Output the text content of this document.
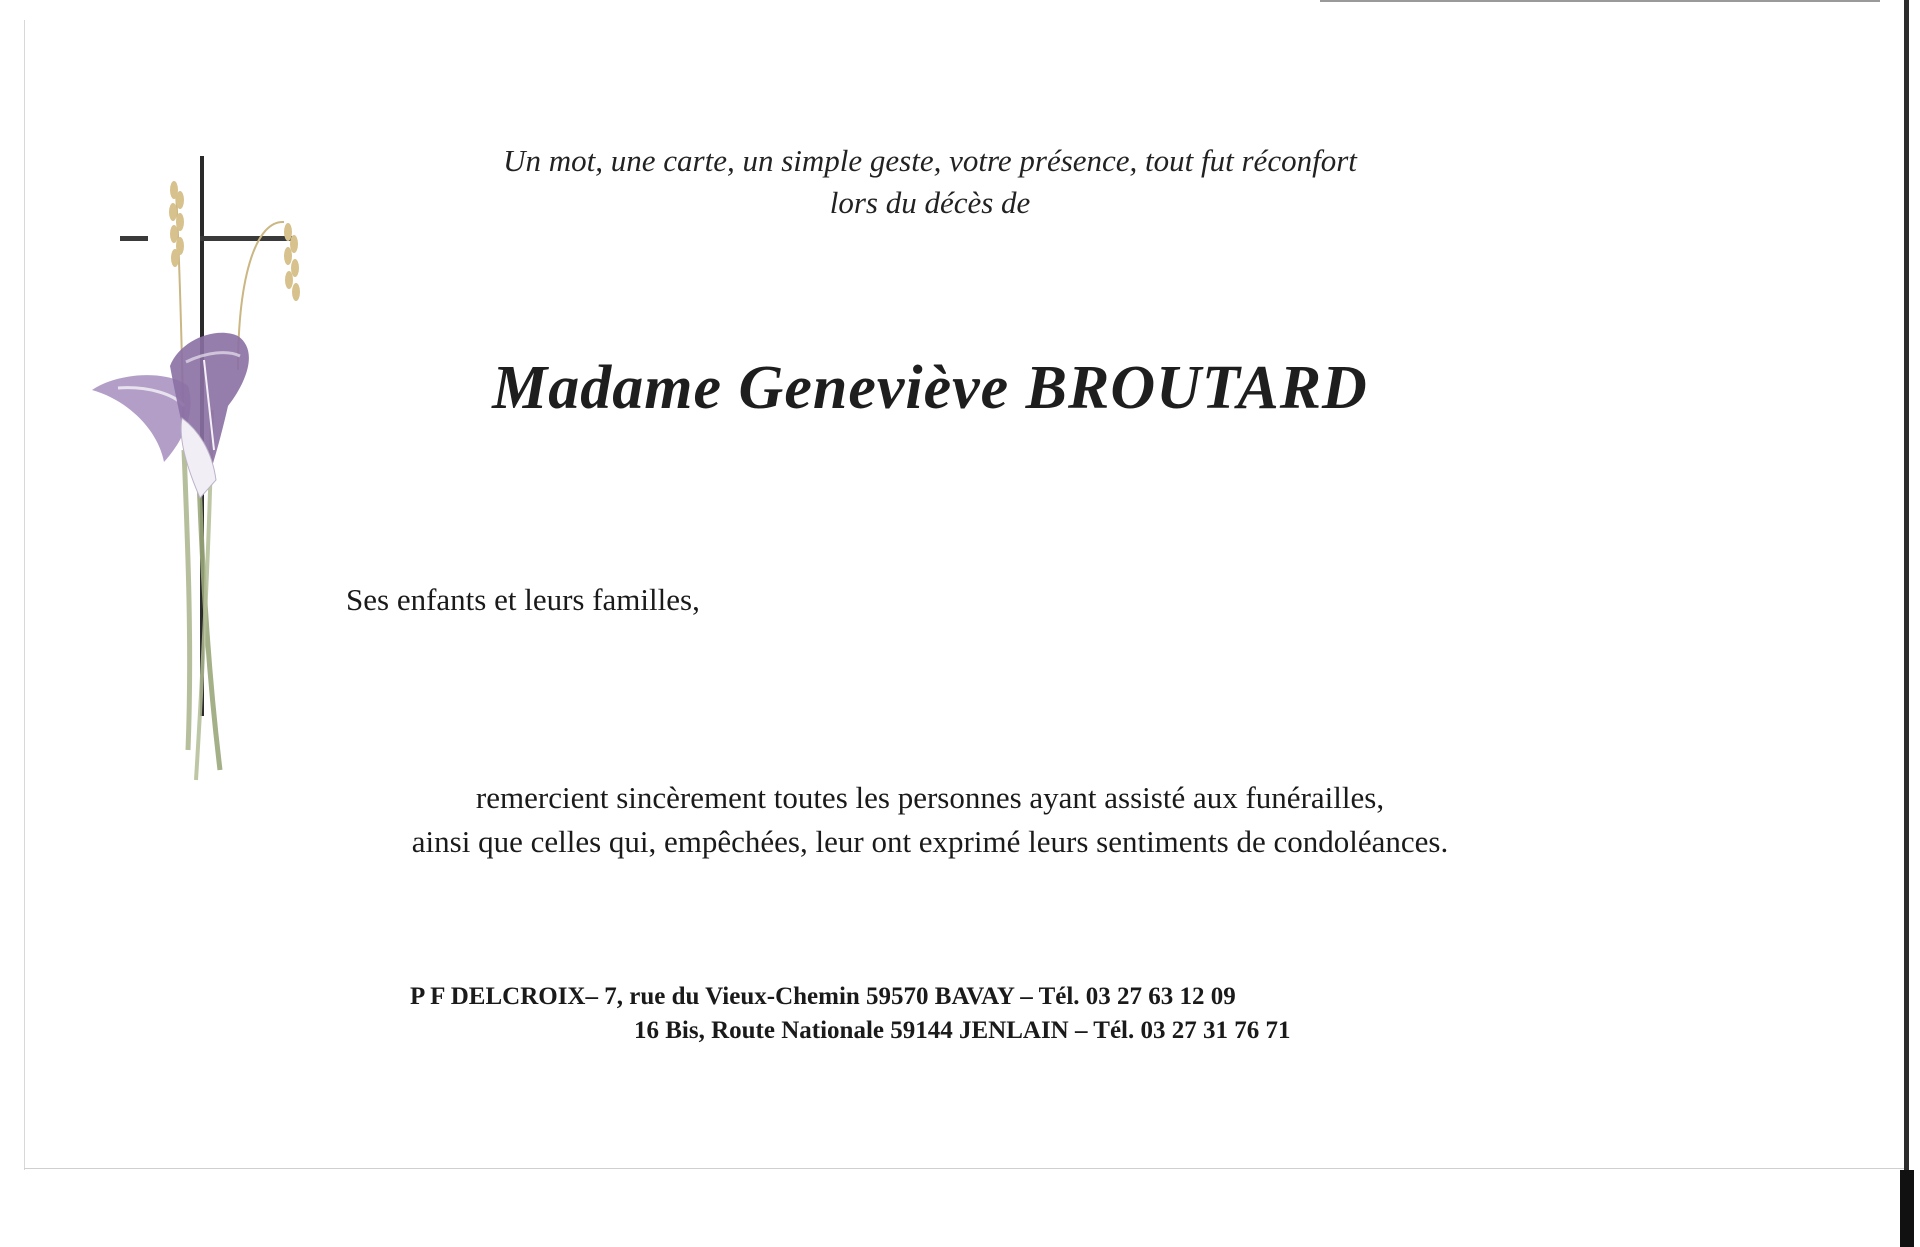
Un mot, une carte, un simple geste, votre présence, tout fut réconfort
lors du décès de
Madame Geneviève BROUTARD
Ses enfants et leurs familles,
remercient sincèrement toutes les personnes ayant assisté aux funérailles,
ainsi que celles qui, empêchées, leur ont exprimé leurs sentiments de condoléances.
P F DELCROIX– 7, rue du Vieux-Chemin 59570 BAVAY – Tél. 03 27 63 12 09
16 Bis, Route Nationale 59144 JENLAIN – Tél. 03 27 31 76 71
